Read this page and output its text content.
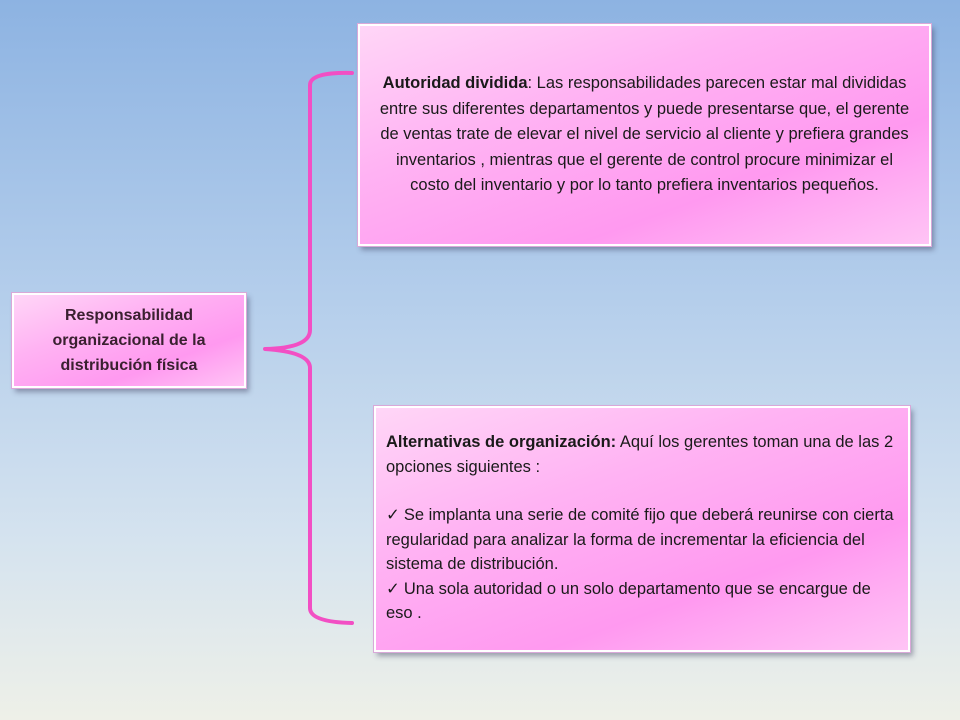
Responsabilidad organizacional de la distribución física

Autoridad dividida: Las responsabilidades parecen estar mal divididas entre sus diferentes departamentos y puede presentarse que, el gerente de ventas trate de elevar el nivel de servicio al cliente y prefiera grandes inventarios , mientras que el gerente de control procure minimizar el costo del inventario y por lo tanto prefiera inventarios pequeños.

Alternativas de organización: Aquí los gerentes toman una de las 2 opciones siguientes :
✓ Se implanta una serie de comité fijo que deberá reunirse con cierta regularidad para analizar la forma de incrementar la eficiencia del sistema de distribución.
✓ Una sola autoridad o un solo departamento que se encargue de eso .
